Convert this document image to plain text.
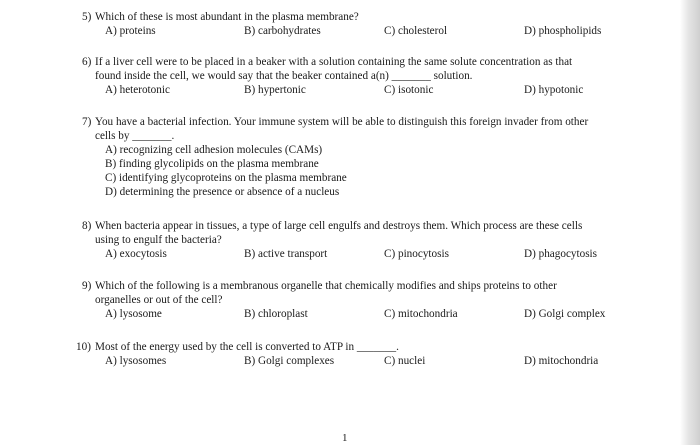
5) Which of these is most abundant in the plasma membrane?
A) proteins	B) carbohydrates	C) cholesterol	D) phospholipids
6) If a liver cell were to be placed in a beaker with a solution containing the same solute concentration as that
found inside the cell, we would say that the beaker contained a(n) _______ solution.
A) heterotonic	B) hypertonic	C) isotonic	D) hypotonic
7) You have a bacterial infection. Your immune system will be able to distinguish this foreign invader from other
cells by _______.
A) recognizing cell adhesion molecules (CAMs)
B) finding glycolipids on the plasma membrane
C) identifying glycoproteins on the plasma membrane
D) determining the presence or absence of a nucleus
8) When bacteria appear in tissues, a type of large cell engulfs and destroys them. Which process are these cells
using to engulf the bacteria?
A) exocytosis	B) active transport	C) pinocytosis	D) phagocytosis
9) Which of the following is a membranous organelle that chemically modifies and ships proteins to other
organelles or out of the cell?
A) lysosome	B) chloroplast	C) mitochondria	D) Golgi complex
10) Most of the energy used by the cell is converted to ATP in _______.
A) lysosomes	B) Golgi complexes	C) nuclei	D) mitochondria
1
